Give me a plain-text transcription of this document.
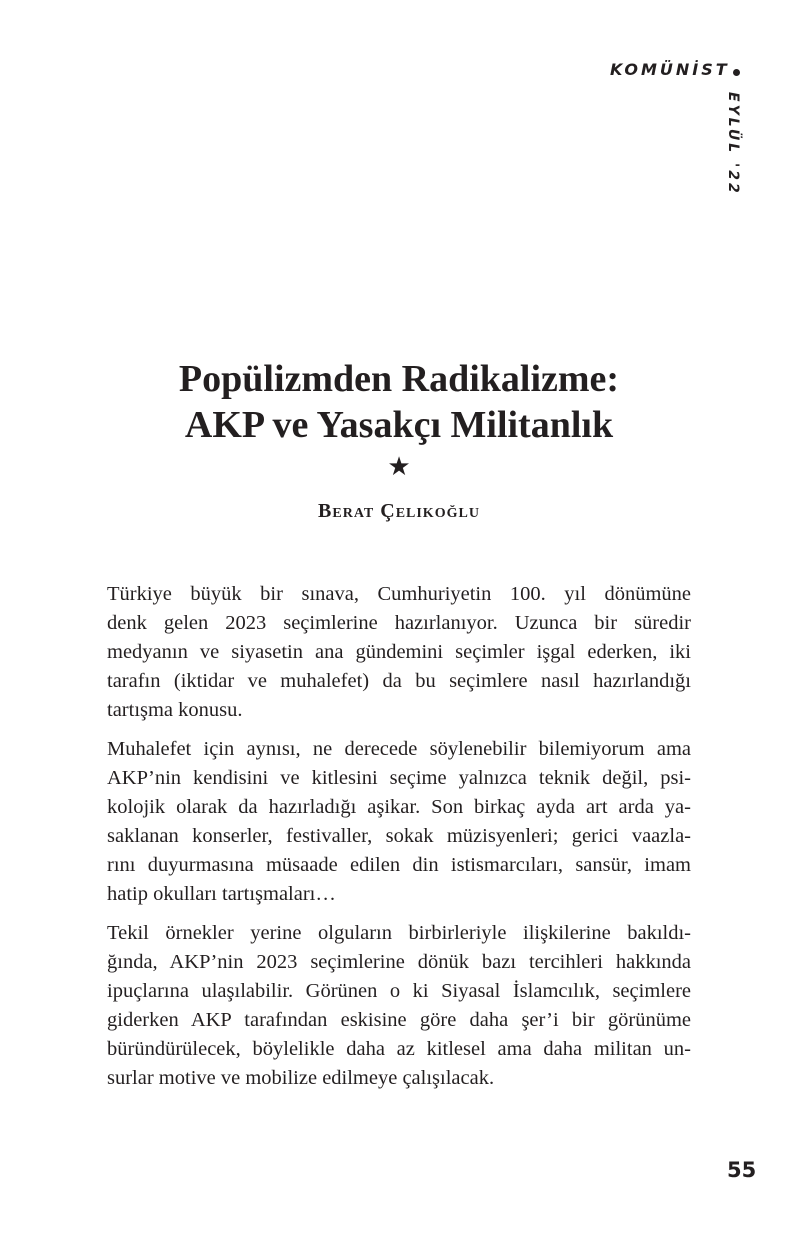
KOMÜNİST
EYLÜL '22
Popülizmden Radikalizme:
AKP ve Yasakçı Militanlık
★
Berat Çelikoğlu
Türkiye büyük bir sınava, Cumhuriyetin 100. yıl dönümüne
denk gelen 2023 seçimlerine hazırlanıyor. Uzunca bir süredir
medyanın ve siyasetin ana gündemini seçimler işgal ederken, iki
tarafın (iktidar ve muhalefet) da bu seçimlere nasıl hazırlandığı
tartışma konusu.
Muhalefet için aynısı, ne derecede söylenebilir bilemiyorum ama
AKP’nin kendisini ve kitlesini seçime yalnızca teknik değil, psi-
kolojik olarak da hazırladığı aşikar. Son birkaç ayda art arda ya-
saklanan konserler, festivaller, sokak müzisyenleri; gerici vaazla-
rını duyurmasına müsaade edilen din istismarcıları, sansür, imam
hatip okulları tartışmaları…
Tekil örnekler yerine olguların birbirleriyle ilişkilerine bakıldı-
ğında, AKP’nin 2023 seçimlerine dönük bazı tercihleri hakkında
ipuçlarına ulaşılabilir. Görünen o ki Siyasal İslamcılık, seçimlere
giderken AKP tarafından eskisine göre daha şer’i bir görünüme
büründürülecek, böylelikle daha az kitlesel ama daha militan un-
surlar motive ve mobilize edilmeye çalışılacak.
55
